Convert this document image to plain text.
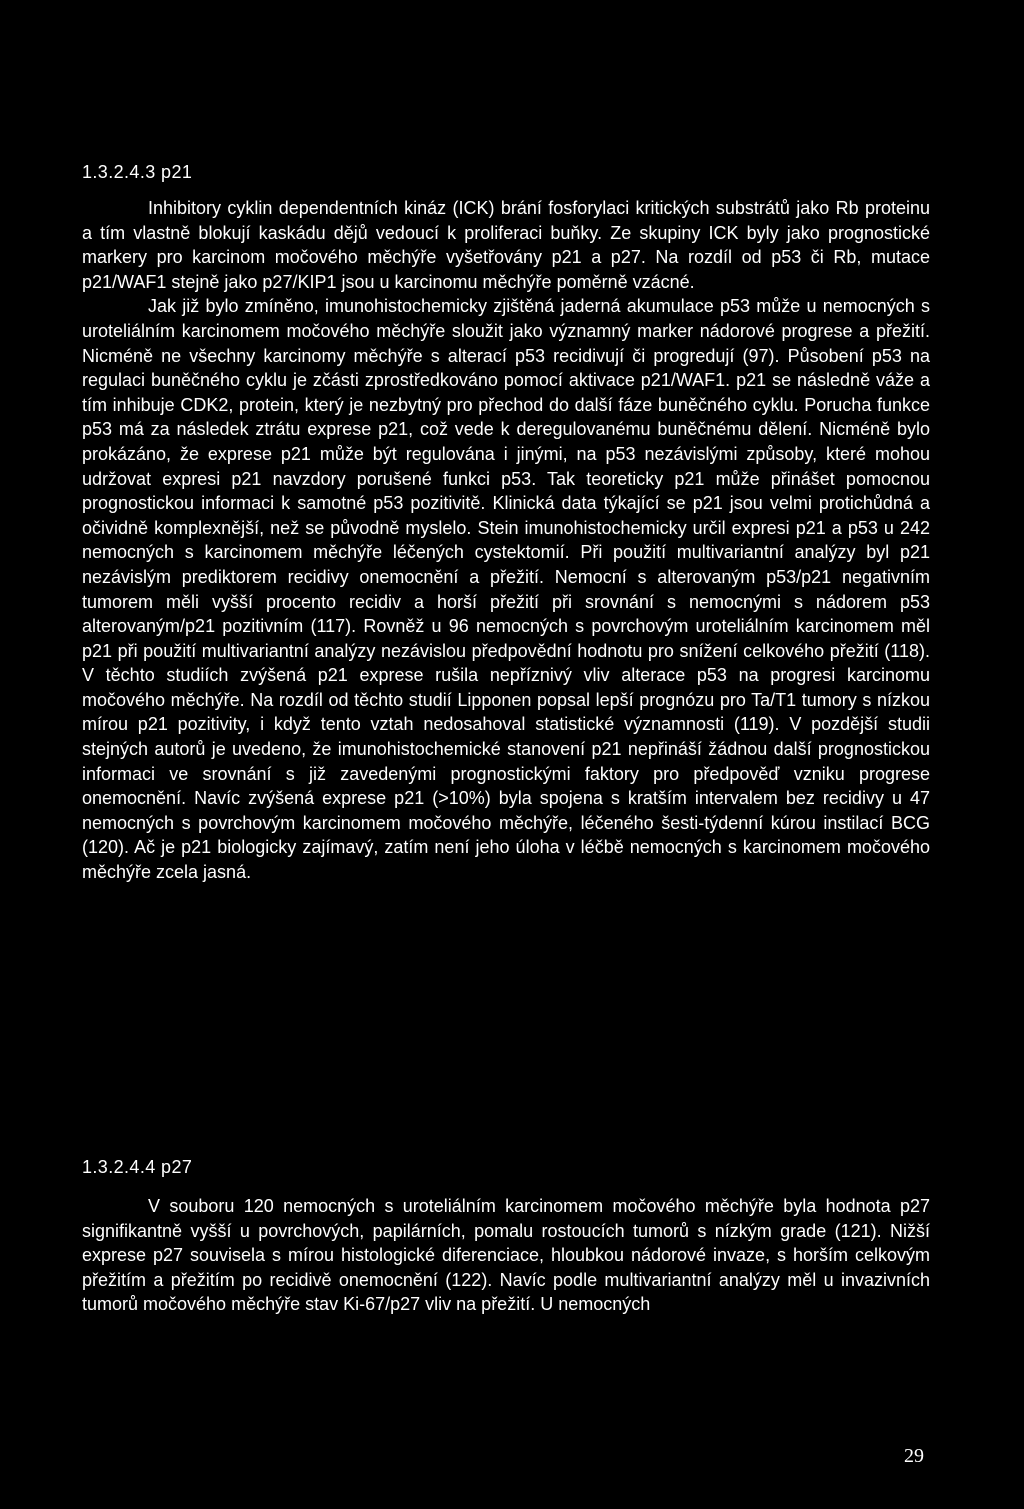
1.3.2.4.3 p21

Inhibitory cyklin dependentních kináz (ICK) brání fosforylaci kritických substrátů jako Rb proteinu a tím vlastně blokují kaskádu dějů vedoucí k proliferaci buňky. Ze skupiny ICK byly jako prognostické markery pro karcinom močového měchýře vyšetřovány p21 a p27. Na rozdíl od p53 či Rb, mutace p21/WAF1 stejně jako p27/KIP1 jsou u karcinomu měchýře poměrně vzácné.

Jak již bylo zmíněno, imunohistochemicky zjištěná jaderná akumulace p53 může u nemocných s uroteliálním karcinomem močového měchýře sloužit jako významný marker nádorové progrese a přežití. Nicméně ne všechny karcinomy měchýře s alterací p53 recidivují či progredují (97). Působení p53 na regulaci buněčného cyklu je zčásti zprostředkováno pomocí aktivace p21/WAF1. p21 se následně váže a tím inhibuje CDK2, protein, který je nezbytný pro přechod do další fáze buněčného cyklu. Porucha funkce p53 má za následek ztrátu exprese p21, což vede k deregulovanému buněčnému dělení. Nicméně bylo prokázáno, že exprese p21 může být regulována i jinými, na p53 nezávislými způsoby, které mohou udržovat expresi p21 navzdory porušené funkci p53. Tak teoreticky p21 může přinášet pomocnou prognostickou informaci k samotné p53 pozitivitě. Klinická data týkající se p21 jsou velmi protichůdná a očividně komplexnější, než se původně myslelo. Stein imunohistochemicky určil expresi p21 a p53 u 242 nemocných s karcinomem měchýře léčených cystektomií. Při použití multivariantní analýzy byl p21 nezávislým prediktorem recidivy onemocnění a přežití. Nemocní s alterovaným p53/p21 negativním tumorem měli vyšší procento recidiv a horší přežití při srovnání s nemocnými s nádorem p53 alterovaným/p21 pozitivním (117). Rovněž u 96 nemocných s povrchovým uroteliálním karcinomem měl p21 při použití multivariantní analýzy nezávislou předpovědní hodnotu pro snížení celkového přežití (118). V těchto studiích zvýšená p21 exprese rušila nepříznivý vliv alterace p53 na progresi karcinomu močového měchýře. Na rozdíl od těchto studií Lipponen popsal lepší prognózu pro Ta/T1 tumory s nízkou mírou p21 pozitivity, i když tento vztah nedosahoval statistické významnosti (119). V pozdější studii stejných autorů je uvedeno, že imunohistochemické stanovení p21 nepřináší žádnou další prognostickou informaci ve srovnání s již zavedenými prognostickými faktory pro předpověď vzniku progrese onemocnění. Navíc zvýšená exprese p21 (>10%) byla spojena s kratším intervalem bez recidivy u 47 nemocných s povrchovým karcinomem močového měchýře, léčeného šesti-týdenní kúrou instilací BCG (120). Ač je p21 biologicky zajímavý, zatím není jeho úloha v léčbě nemocných s karcinomem močového měchýře zcela jasná.

1.3.2.4.4 p27

V souboru 120 nemocných s uroteliálním karcinomem močového měchýře byla hodnota p27 signifikantně vyšší u povrchových, papilárních, pomalu rostoucích tumorů s nízkým grade (121). Nižší exprese p27 souvisela s mírou histologické diferenciace, hloubkou nádorové invaze, s horším celkovým přežitím a přežitím po recidivě onemocnění (122). Navíc podle multivariantní analýzy měl u invazivních tumorů močového měchýře stav Ki-67/p27 vliv na přežití. U nemocných

29
